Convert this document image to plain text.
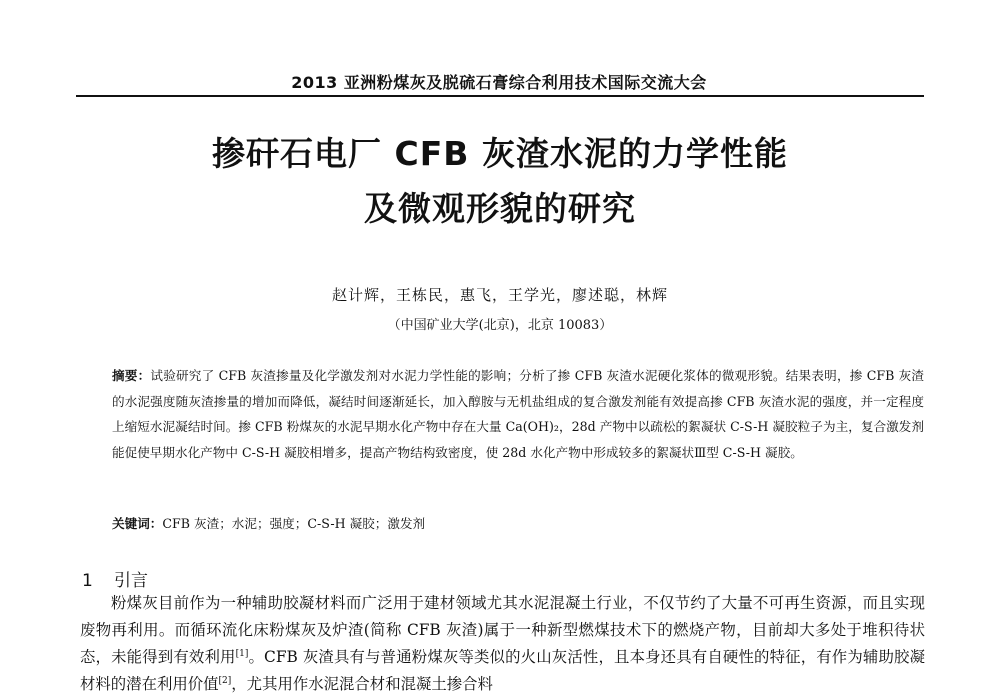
2013 亚洲粉煤灰及脱硫石膏综合利用技术国际交流大会
掺矸石电厂 CFB 灰渣水泥的力学性能
及微观形貌的研究
赵计辉，王栋民，惠飞，王学光，廖述聪，林辉
（中国矿业大学(北京)，北京 10083）

摘要：试验研究了 CFB 灰渣掺量及化学激发剂对水泥力学性能的影响；分析了掺 CFB 灰渣水泥硬化浆体的微观形貌。结果表明，掺 CFB 灰渣的水泥强度随灰渣掺量的增加而降低，凝结时间逐渐延长，加入醇胺与无机盐组成的复合激发剂能有效提高掺 CFB 灰渣水泥的强度，并一定程度上缩短水泥凝结时间。掺 CFB 粉煤灰的水泥早期水化产物中存在大量 Ca(OH)₂，28d 产物中以疏松的絮凝状 C-S-H 凝胶粒子为主，复合激发剂能促使早期水化产物中 C-S-H 凝胶相增多，提高产物结构致密度，使 28d 水化产物中形成较多的絮凝状Ⅲ型 C-S-H 凝胶。

关键词：CFB 灰渣；水泥；强度；C-S-H 凝胶；激发剂
1 引言

粉煤灰目前作为一种辅助胶凝材料而广泛用于建材领域尤其水泥混凝土行业，不仅节约了大量不可再生资源，而且实现废物再利用。而循环流化床粉煤灰及炉渣(简称 CFB 灰渣)属于一种新型燃煤技术下的燃烧产物，目前却大多处于堆积待状态，未能得到有效利用[1]。CFB 灰渣具有与普通粉煤灰等类似的火山灰活性，且本身还具有自硬性的特征，有作为辅助胶凝材料的潜在利用价值[2]，尤其用作水泥混合材和混凝土掺合料
